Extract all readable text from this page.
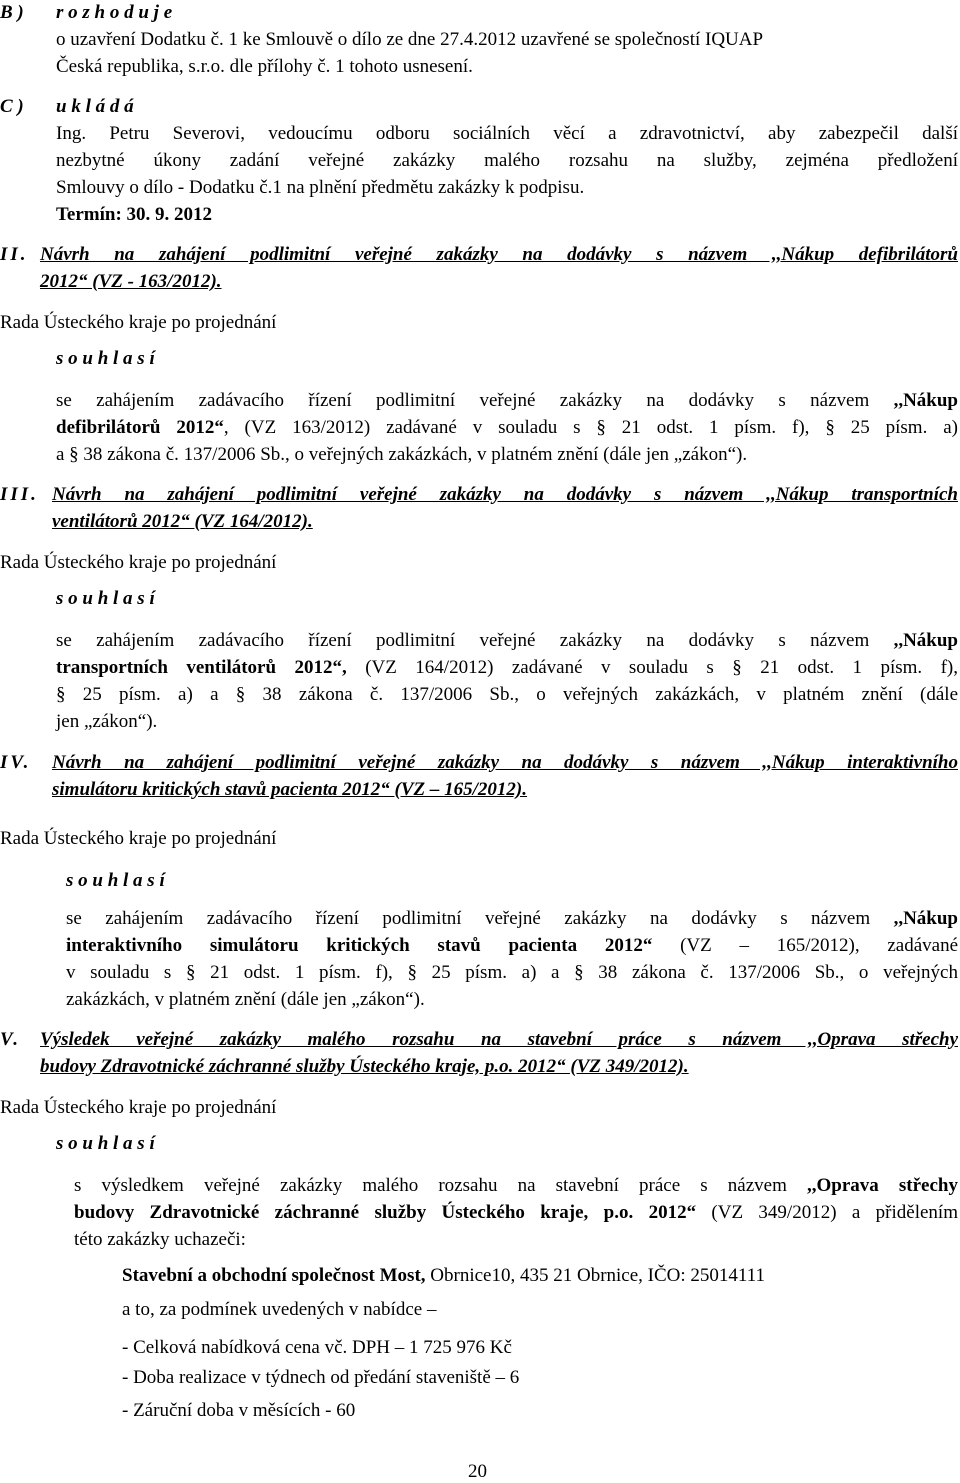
B ) r o z h o d u j e
o uzavření Dodatku č. 1 ke Smlouvě o dílo ze dne 27.4.2012 uzavřené se společností IQUAP
Česká republika, s.r.o. dle přílohy č. 1 tohoto usnesení.
C ) u k l á d á
Ing. Petru Severovi, vedoucímu odboru sociálních věcí a zdravotnictví, aby zabezpečil další
nezbytné úkony zadání veřejné zakázky malého rozsahu na služby, zejména předložení
Smlouvy o dílo - Dodatku č.1 na plnění předmětu zakázky k podpisu.
Termín: 30. 9. 2012
II. Návrh na zahájení podlimitní veřejné zakázky na dodávky s názvem ,,Nákup defibrilátorů
2012“ (VZ - 163/2012).
Rada Ústeckého kraje po projednání
s o u h l a s í
se zahájením zadávacího řízení podlimitní veřejné zakázky na dodávky s názvem ,,Nákup
defibrilátorů 2012“, (VZ 163/2012) zadávané v souladu s § 21 odst. 1 písm. f), § 25 písm. a)
a § 38 zákona č. 137/2006 Sb., o veřejných zakázkách, v platném znění (dále jen „zákon“).
III. Návrh na zahájení podlimitní veřejné zakázky na dodávky s názvem ,,Nákup transportních
ventilátorů 2012“ (VZ 164/2012).
Rada Ústeckého kraje po projednání
s o u h l a s í
se zahájením zadávacího řízení podlimitní veřejné zakázky na dodávky s názvem ,,Nákup
transportních ventilátorů 2012“, (VZ 164/2012) zadávané v souladu s § 21 odst. 1 písm. f),
§ 25 písm. a) a § 38 zákona č. 137/2006 Sb., o veřejných zakázkách, v platném znění (dále
jen „zákon“).
IV. Návrh na zahájení podlimitní veřejné zakázky na dodávky s názvem ,,Nákup interaktivního
simulátoru kritických stavů pacienta 2012“ (VZ – 165/2012).
Rada Ústeckého kraje po projednání
s o u h l a s í
se zahájením zadávacího řízení podlimitní veřejné zakázky na dodávky s názvem ,,Nákup
interaktivního simulátoru kritických stavů pacienta 2012“ (VZ – 165/2012), zadávané
v souladu s § 21 odst. 1 písm. f), § 25 písm. a) a § 38 zákona č. 137/2006 Sb., o veřejných
zakázkách, v platném znění (dále jen „zákon“).
V. Výsledek veřejné zakázky malého rozsahu na stavební práce s názvem ,,Oprava střechy
budovy Zdravotnické záchranné služby Ústeckého kraje, p.o. 2012“ (VZ 349/2012).
Rada Ústeckého kraje po projednání
s o u h l a s í
s výsledkem veřejné zakázky malého rozsahu na stavební práce s názvem ,,Oprava střechy
budovy Zdravotnické záchranné služby Ústeckého kraje, p.o. 2012“ (VZ 349/2012) a přidělením
této zakázky uchazeči:
Stavební a obchodní společnost Most, Obrnice10, 435 21 Obrnice, IČO: 25014111
a to, za podmínek uvedených v nabídce –
- Celková nabídková cena vč. DPH – 1 725 976 Kč
- Doba realizace v týdnech od předání staveniště – 6
- Záruční doba v měsících - 60
20
